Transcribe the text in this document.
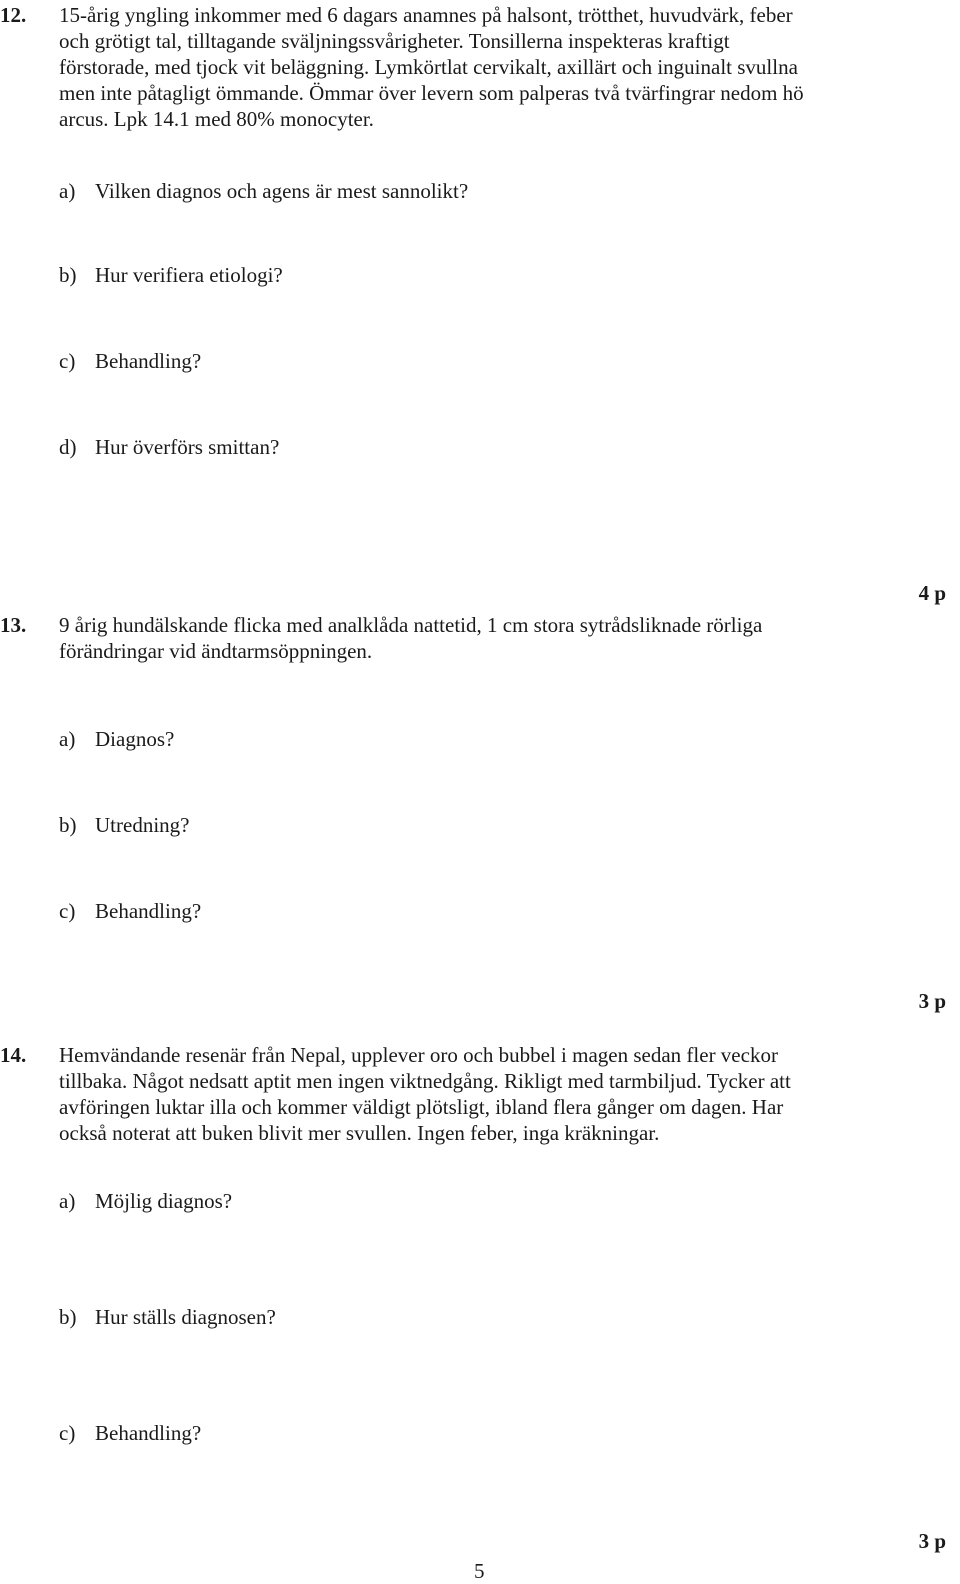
12. 15-årig yngling inkommer med 6 dagars anamnes på halsont, trötthet, huvudvärk, feber
och grötigt tal, tilltagande sväljningssvårigheter. Tonsillerna inspekteras kraftigt
förstorade, med tjock vit beläggning. Lymkörtlat cervikalt, axillärt och inguinalt svullna
men inte påtagligt ömmande. Ömmar över levern som palperas två tvärfingrar nedom hö
arcus. Lpk 14.1 med 80% monocyter.
a) Vilken diagnos och agens är mest sannolikt?
b) Hur verifiera etiologi?
c) Behandling?
d) Hur överförs smittan?
4 p
13. 9 årig hundälskande flicka med analklåda nattetid, 1 cm stora sytrådsliknade rörliga
förändringar vid ändtarmsöppningen.
a) Diagnos?
b) Utredning?
c) Behandling?
3 p
14. Hemvändande resenär från Nepal, upplever oro och bubbel i magen sedan fler veckor
tillbaka. Något nedsatt aptit men ingen viktnedgång. Rikligt med tarmbiljud. Tycker att
avföringen luktar illa och kommer väldigt plötsligt, ibland flera gånger om dagen. Har
också noterat att buken blivit mer svullen. Ingen feber, inga kräkningar.
a) Möjlig diagnos?
b) Hur ställs diagnosen?
c) Behandling?
3 p
5
